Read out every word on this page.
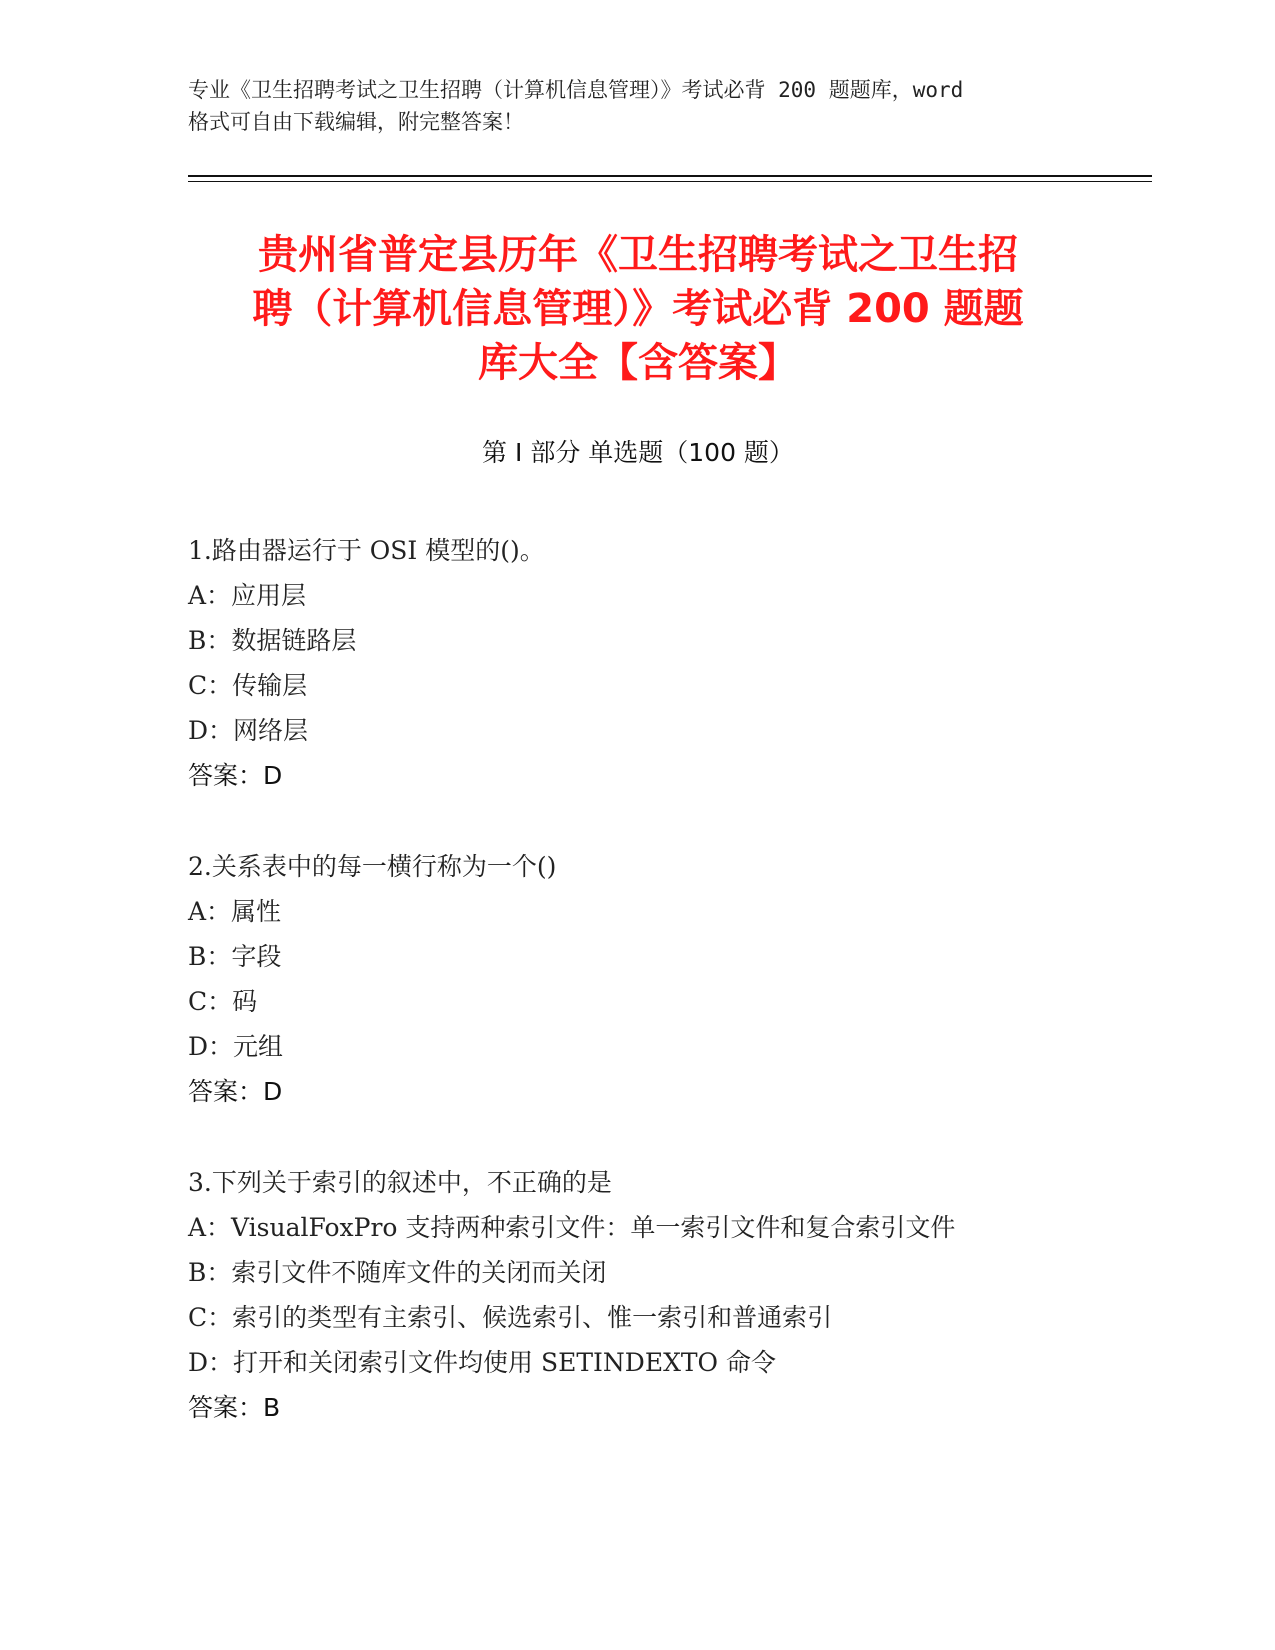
专业《卫生招聘考试之卫生招聘（计算机信息管理）》考试必背 200 题题库，word
格式可自由下载编辑，附完整答案！
贵州省普定县历年《卫生招聘考试之卫生招
聘（计算机信息管理）》考试必背 200 题题
库大全【含答案】
第 I 部分 单选题（100 题）
1.路由器运行于 OSI 模型的()。
A：应用层
B：数据链路层
C：传输层
D：网络层
答案：D
2.关系表中的每一横行称为一个()
A：属性
B：字段
C：码
D：元组
答案：D
3.下列关于索引的叙述中，不正确的是
A：VisualFoxPro 支持两种索引文件：单一索引文件和复合索引文件
B：索引文件不随库文件的关闭而关闭
C：索引的类型有主索引、候选索引、惟一索引和普通索引
D：打开和关闭索引文件均使用 SETINDEXTO 命令
答案：B
